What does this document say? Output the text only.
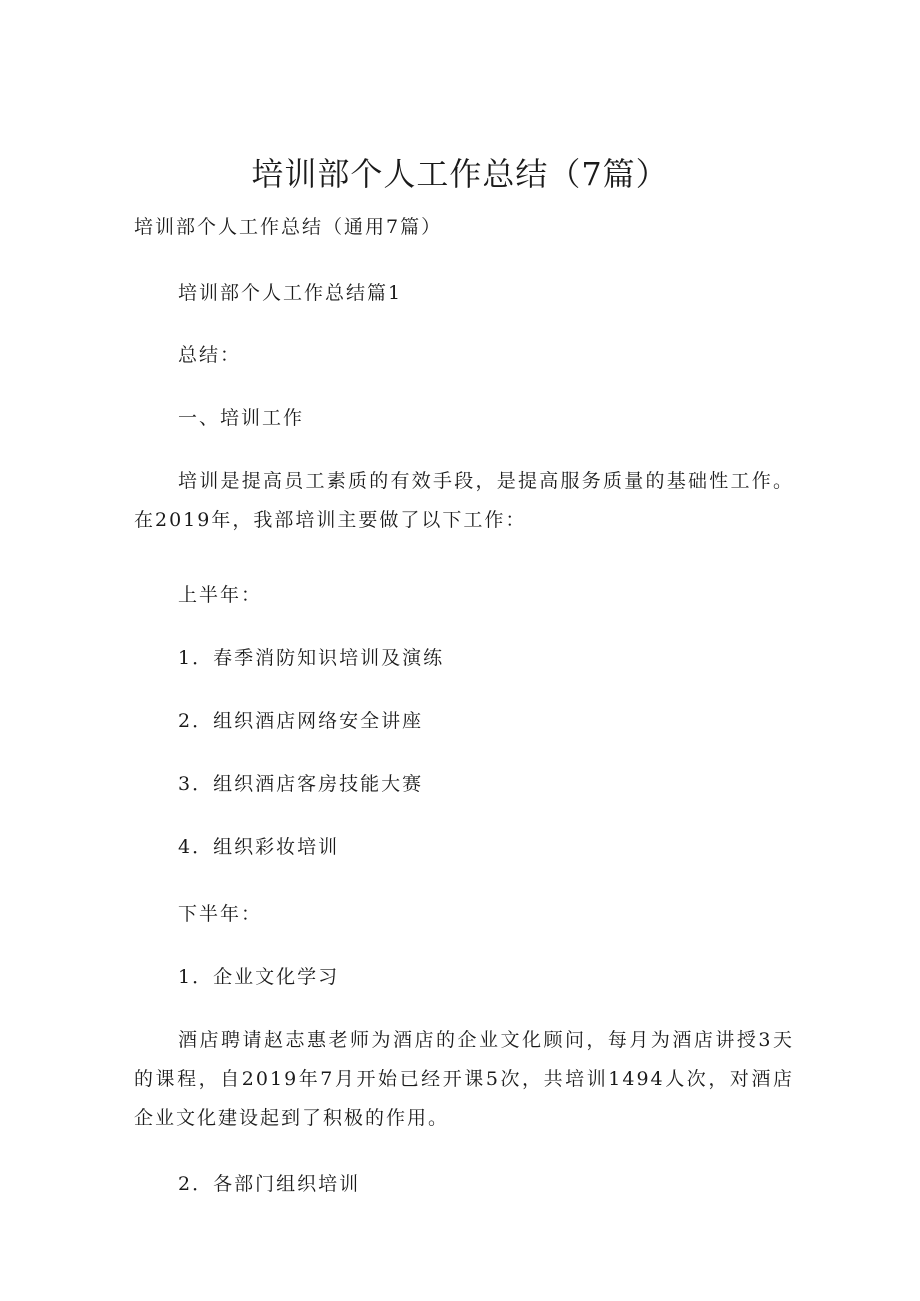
培训部个人工作总结（7篇）
培训部个人工作总结（通用7篇）
培训部个人工作总结篇1
总结：
一、培训工作
培训是提高员工素质的有效手段，是提高服务质量的基础性工作。在2019年，我部培训主要做了以下工作：
上半年：
1．春季消防知识培训及演练
2．组织酒店网络安全讲座
3．组织酒店客房技能大赛
4．组织彩妆培训
下半年：
1．企业文化学习
酒店聘请赵志惠老师为酒店的企业文化顾问，每月为酒店讲授3天的课程，自2019年7月开始已经开课5次，共培训1494人次，对酒店企业文化建设起到了积极的作用。
2．各部门组织培训
